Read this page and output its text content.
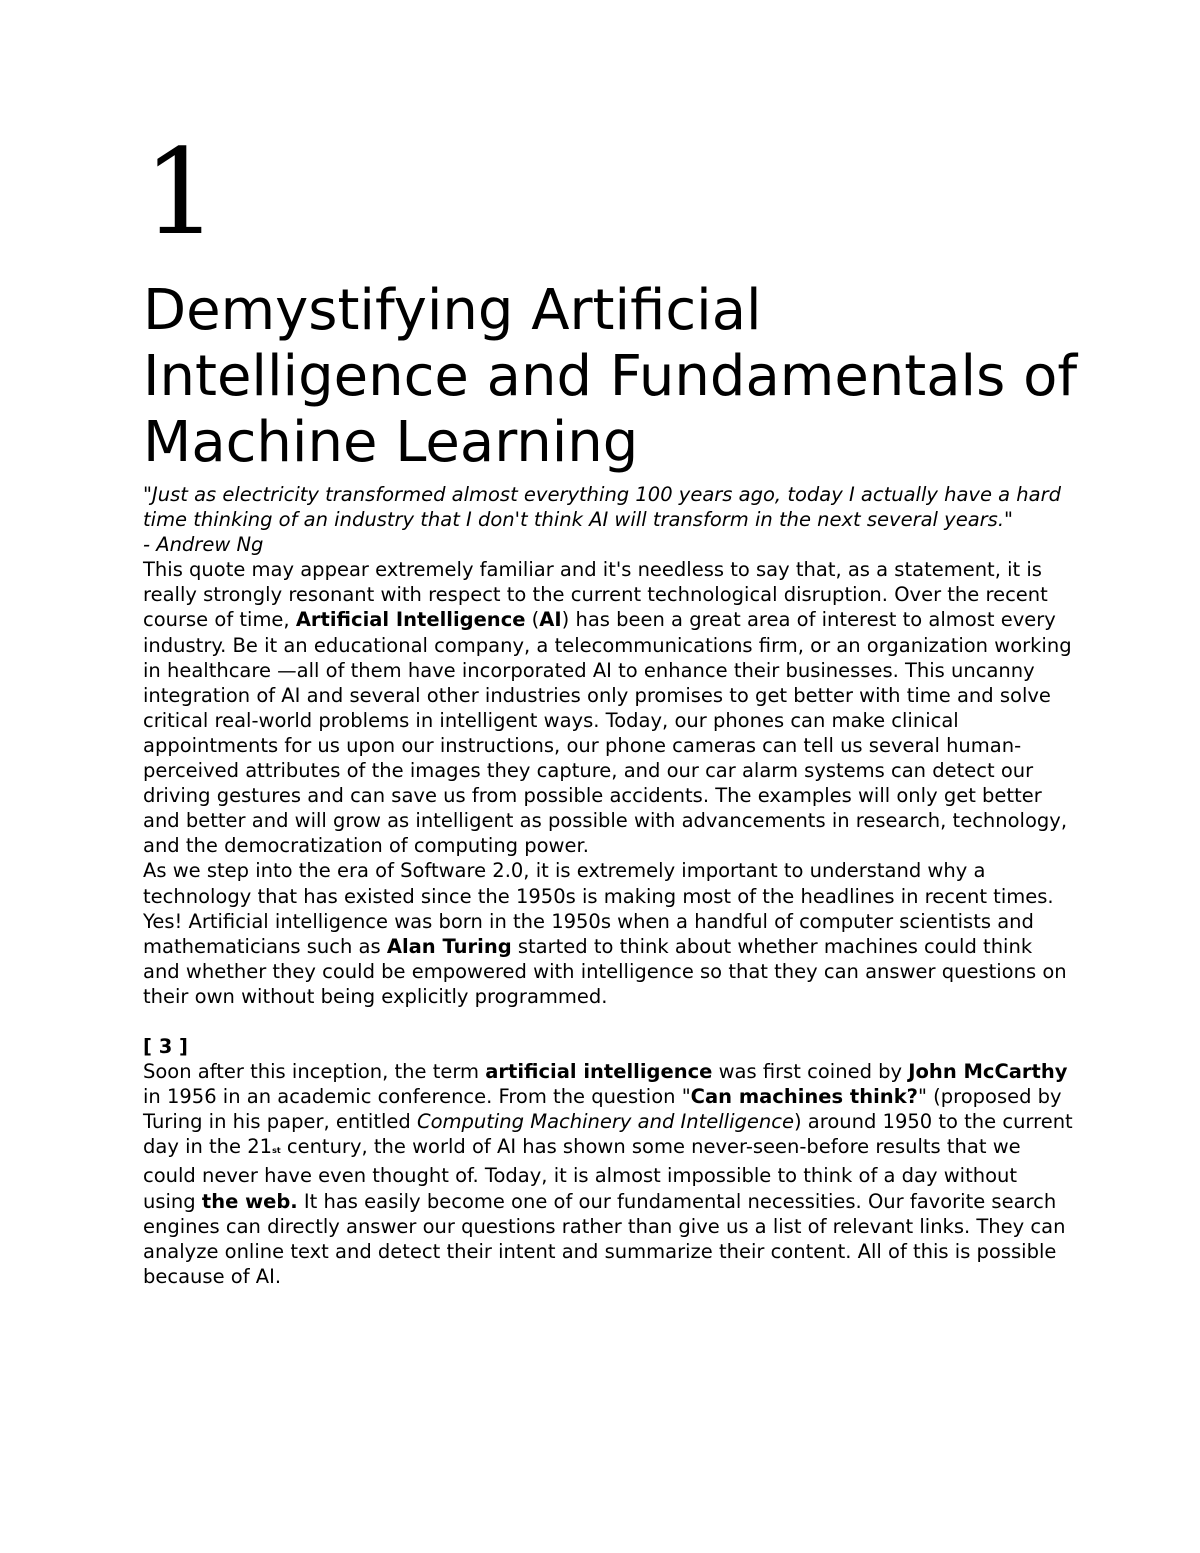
1
Demystifying Artificial Intelligence and Fundamentals of Machine Learning

"Just as electricity transformed almost everything 100 years ago, today I actually have a hard time thinking of an industry that I don't think AI will transform in the next several years."

- Andrew Ng

This quote may appear extremely familiar and it's needless to say that, as a statement, it is really strongly resonant with respect to the current technological disruption. Over the recent course of time, Artificial Intelligence (AI) has been a great area of interest to almost every industry. Be it an educational company, a telecommunications firm, or an organization working in healthcare —all of them have incorporated AI to enhance their businesses. This uncanny integration of AI and several other industries only promises to get better with time and solve critical real-world problems in intelligent ways. Today, our phones can make clinical appointments for us upon our instructions, our phone cameras can tell us several human-perceived attributes of the images they capture, and our car alarm systems can detect our driving gestures and can save us from possible accidents. The examples will only get better and better and will grow as intelligent as possible with advancements in research, technology, and the democratization of computing power.

As we step into the era of Software 2.0, it is extremely important to understand why a technology that has existed since the 1950s is making most of the headlines in recent times. Yes! Artificial intelligence was born in the 1950s when a handful of computer scientists and mathematicians such as Alan Turing started to think about whether machines could think and whether they could be empowered with intelligence so that they can answer questions on their own without being explicitly programmed.

[ 3 ]

Soon after this inception, the term artificial intelligence was first coined by John McCarthy in 1956 in an academic conference. From the question "Can machines think?" (proposed by Turing in his paper, entitled Computing Machinery and Intelligence) around 1950 to the current day in the 21st century, the world of AI has shown some never-seen-before results that we could never have even thought of. Today, it is almost impossible to think of a day without using the web. It has easily become one of our fundamental necessities. Our favorite search engines can directly answer our questions rather than give us a list of relevant links. They can analyze online text and detect their intent and summarize their content. All of this is possible because of AI.
